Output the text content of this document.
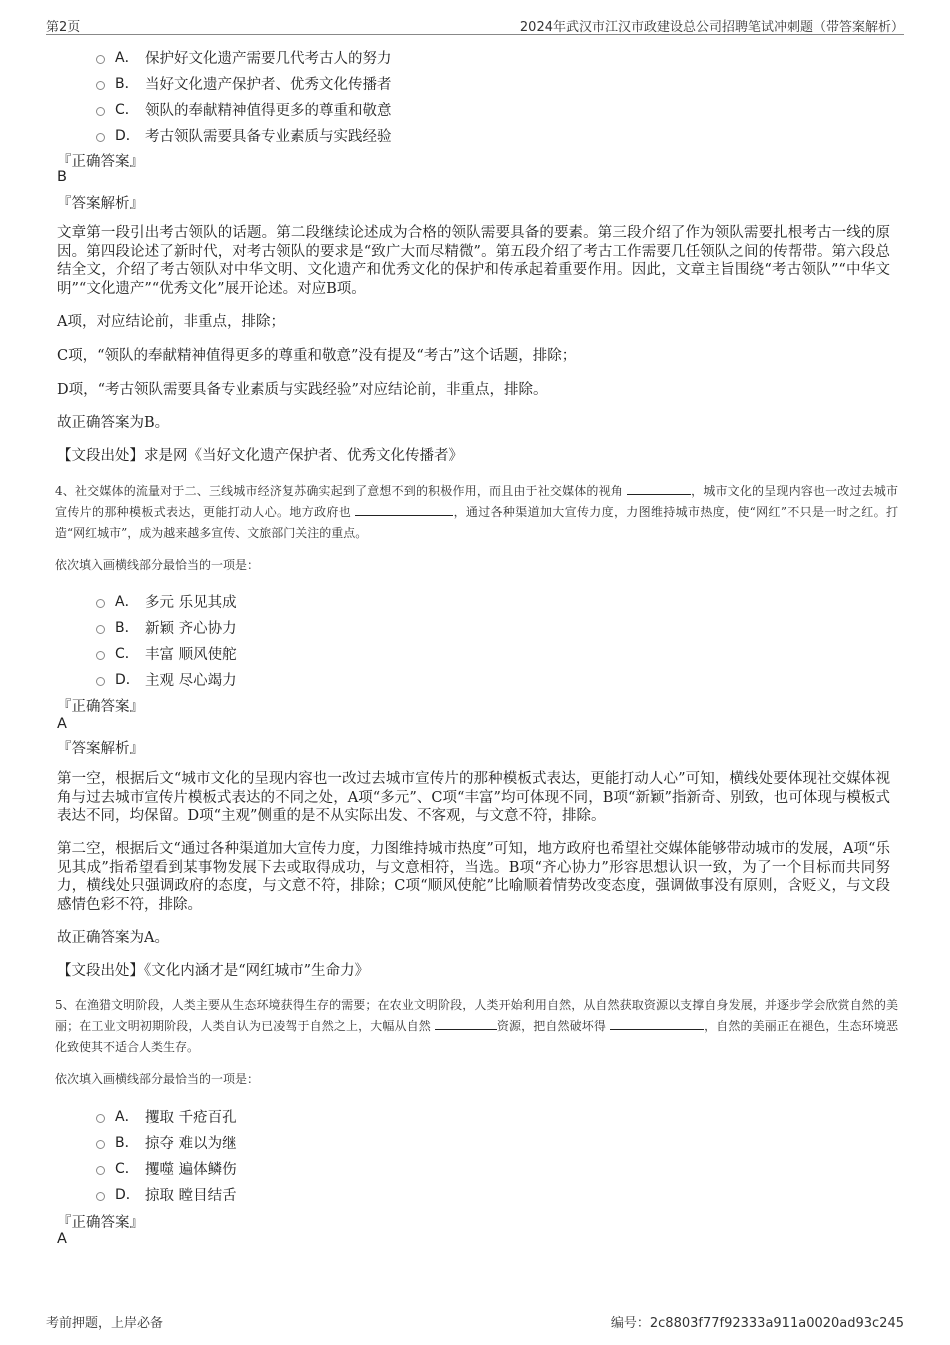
第2页	2024年武汉市江汉市政建设总公司招聘笔试冲刺题（带答案解析）
A． 保护好文化遗产需要几代考古人的努力
B． 当好文化遗产保护者、优秀文化传播者
C． 领队的奉献精神值得更多的尊重和敬意
D． 考古领队需要具备专业素质与实践经验
『正确答案』
B
『答案解析』
文章第一段引出考古领队的话题。第二段继续论述成为合格的领队需要具备的要素。第三段介绍了作为领队需要扎根考古一线的原因。第四段论述了新时代，对考古领队的要求是“致广大而尽精微”。第五段介绍了考古工作需要几任领队之间的传帮带。第六段总结全文，介绍了考古领队对中华文明、文化遗产和优秀文化的保护和传承起着重要作用。因此，文章主旨围绕“考古领队”“中华文明”“文化遗产”“优秀文化”展开论述。对应B项。
A项，对应结论前，非重点，排除；
C项，“领队的奉献精神值得更多的尊重和敬意”没有提及“考古”这个话题，排除；
D项，“考古领队需要具备专业素质与实践经验”对应结论前，非重点，排除。
故正确答案为B。
【文段出处】求是网《当好文化遗产保护者、优秀文化传播者》
4、社交媒体的流量对于二、三线城市经济复苏确实起到了意想不到的积极作用，而且由于社交媒体的视角	，城市文化的呈现内容也一改过去城市宣传片的那种模板式表达，更能打动人心。地方政府也	，通过各种渠道加大宣传力度，力图维持城市热度，使“网红”不只是一时之红。打造“网红城市”，成为越来越多宣传、文旅部门关注的重点。
依次填入画横线部分最恰当的一项是：
A． 多元 乐见其成
B． 新颖 齐心协力
C． 丰富 顺风使舵
D． 主观 尽心竭力
『正确答案』
A
『答案解析』
第一空，根据后文“城市文化的呈现内容也一改过去城市宣传片的那种模板式表达，更能打动人心”可知，横线处要体现社交媒体视角与过去城市宣传片模板式表达的不同之处，A项“多元”、C项“丰富”均可体现不同，B项“新颖”指新奇、别致，也可体现与模板式表达不同，均保留。D项“主观”侧重的是不从实际出发、不客观，与文意不符，排除。
第二空，根据后文“通过各种渠道加大宣传力度，力图维持城市热度”可知，地方政府也希望社交媒体能够带动城市的发展，A项“乐见其成”指希望看到某事物发展下去或取得成功，与文意相符，当选。B项“齐心协力”形容思想认识一致，为了一个目标而共同努力，横线处只强调政府的态度，与文意不符，排除；C项“顺风使舵”比喻顺着情势改变态度，强调做事没有原则，含贬义，与文段感情色彩不符，排除。
故正确答案为A。
【文段出处】《文化内涵才是“网红城市”生命力》
5、在渔猎文明阶段，人类主要从生态环境获得生存的需要；在农业文明阶段，人类开始利用自然，从自然获取资源以支撑自身发展，并逐步学会欣赏自然的美丽；在工业文明初期阶段，人类自认为已凌驾于自然之上，大幅从自然	资源，把自然破坏得	，自然的美丽正在褪色，生态环境恶化致使其不适合人类生存。
依次填入画横线部分最恰当的一项是：
A． 攫取 千疮百孔
B． 掠夺 难以为继
C． 攫噬 遍体鳞伤
D． 掠取 瞠目结舌
『正确答案』
A
考前押题，上岸必备	编号：2c8803f77f92333a911a0020ad93c245
